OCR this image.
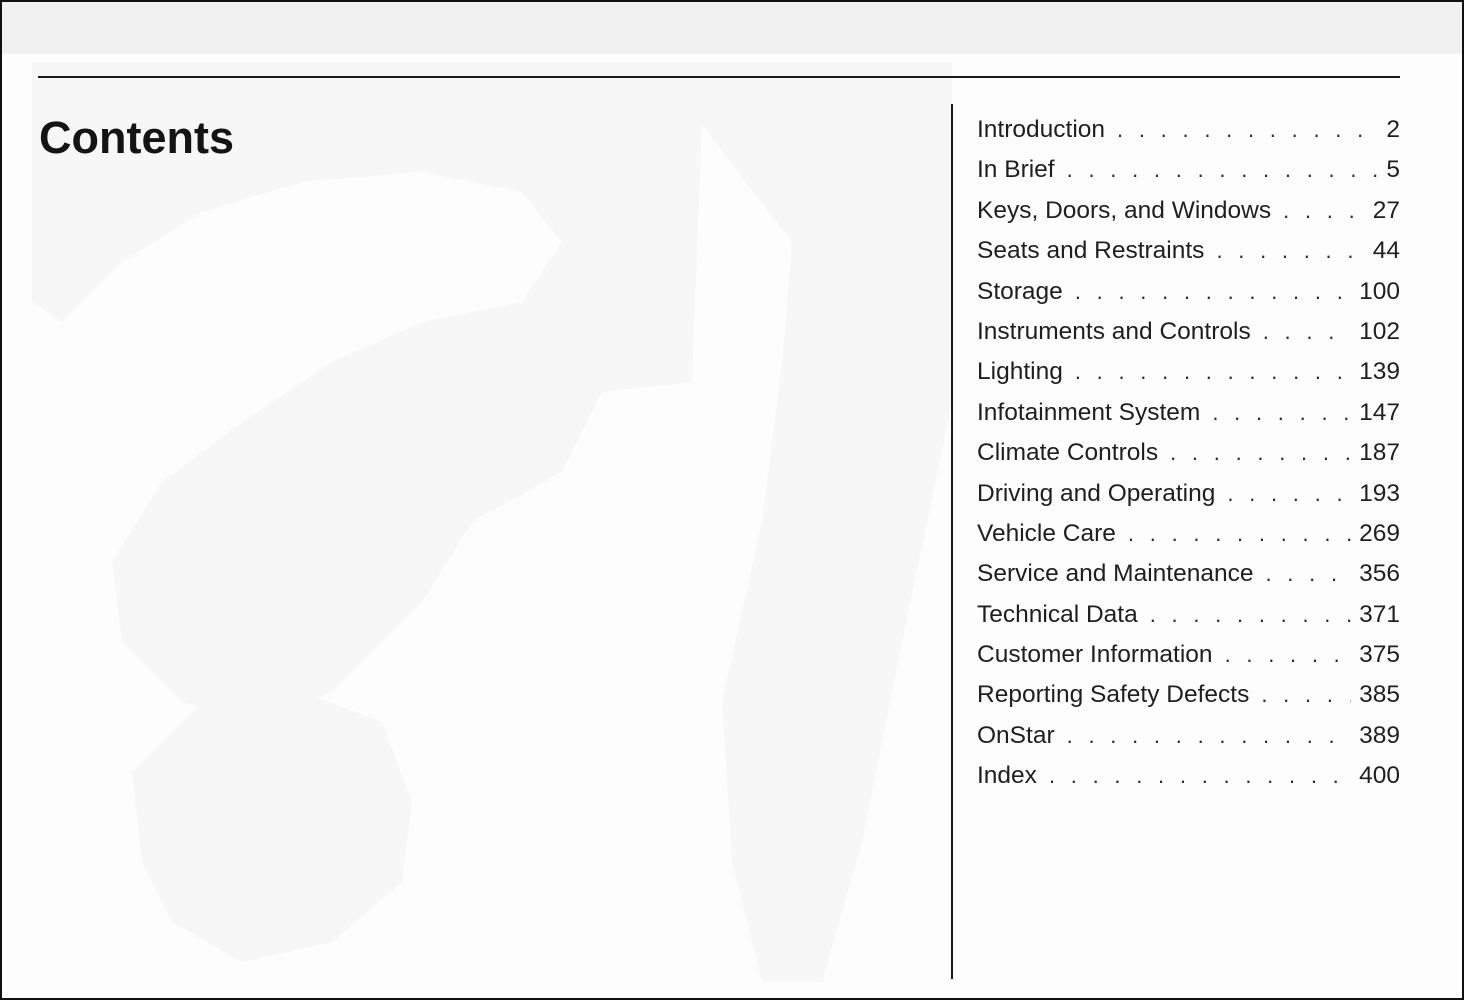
Contents	Introduction . . .	2
In Brief . . .	5
Keys, Doors, and Windows . . .	27
Seats and Restraints . . .	44
Storage . . .	100
Instruments and Controls . . .	102
Lighting . . .	139
Infotainment System . . .	147
Climate Controls . . .	187
Driving and Operating . . .	193
Vehicle Care . . .	269
Service and Maintenance . . .	356
Technical Data . . .	371
Customer Information . . .	375
Reporting Safety Defects . . .	385
OnStar . . .	389
Index . . .	400
